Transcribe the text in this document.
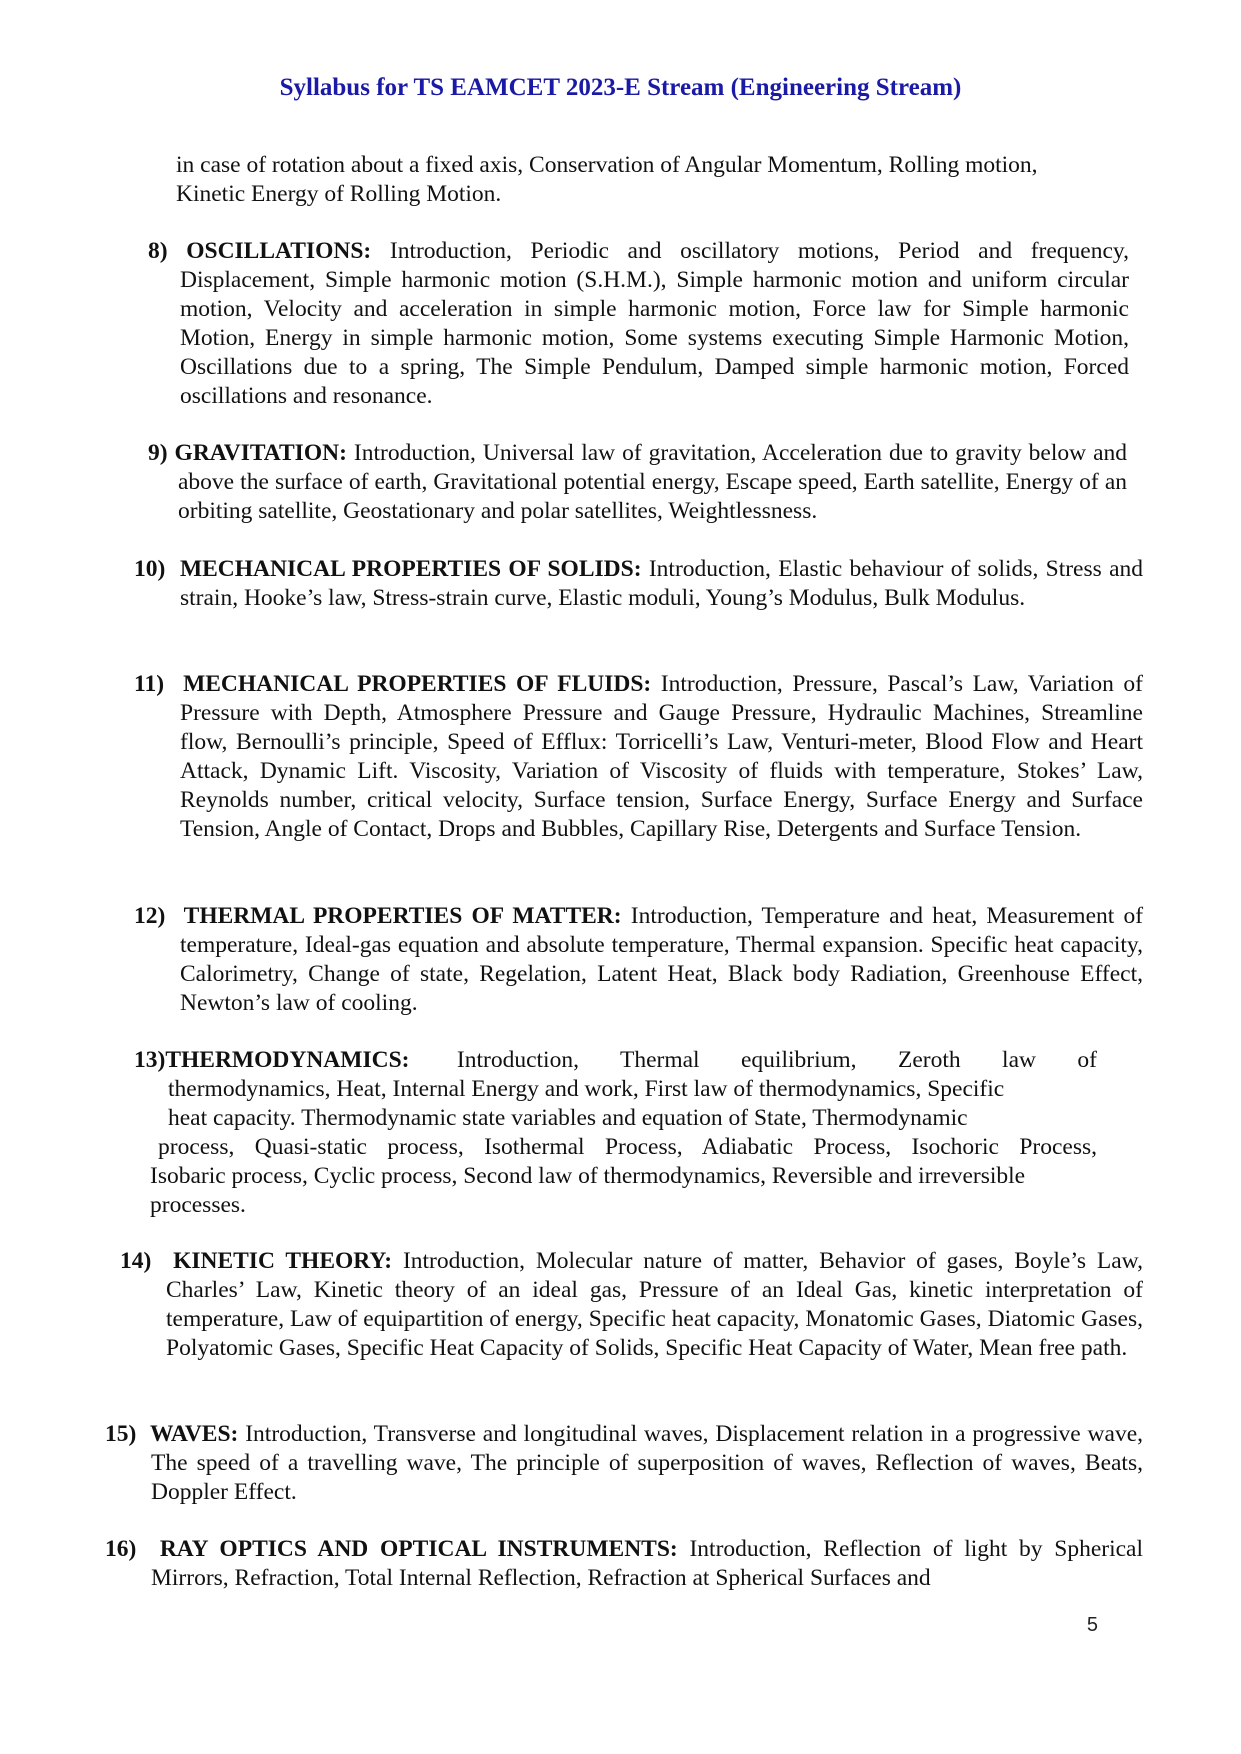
Syllabus for TS EAMCET 2023-E Stream (Engineering Stream)
in case of rotation about a fixed axis, Conservation of Angular Momentum, Rolling motion,
Kinetic Energy of Rolling Motion.
8) OSCILLATIONS: Introduction, Periodic and oscillatory motions, Period and frequency, Displacement, Simple harmonic motion (S.H.M.), Simple harmonic motion and uniform circular motion, Velocity and acceleration in simple harmonic motion, Force law for Simple harmonic Motion, Energy in simple harmonic motion, Some systems executing Simple Harmonic Motion, Oscillations due to a spring, The Simple Pendulum, Damped simple harmonic motion, Forced oscillations and resonance.
9) GRAVITATION: Introduction, Universal law of gravitation, Acceleration due to gravity below and above the surface of earth, Gravitational potential energy, Escape speed, Earth satellite, Energy of an orbiting satellite, Geostationary and polar satellites, Weightlessness.
10) MECHANICAL PROPERTIES OF SOLIDS: Introduction, Elastic behaviour of solids, Stress and strain, Hooke’s law, Stress-strain curve, Elastic moduli, Young’s Modulus, Bulk Modulus.
11) MECHANICAL PROPERTIES OF FLUIDS: Introduction, Pressure, Pascal’s Law, Variation of Pressure with Depth, Atmosphere Pressure and Gauge Pressure, Hydraulic Machines, Streamline flow, Bernoulli’s principle, Speed of Efflux: Torricelli’s Law, Venturi-meter, Blood Flow and Heart Attack, Dynamic Lift. Viscosity, Variation of Viscosity of fluids with temperature, Stokes’ Law, Reynolds number, critical velocity, Surface tension, Surface Energy, Surface Energy and Surface Tension, Angle of Contact, Drops and Bubbles, Capillary Rise, Detergents and Surface Tension.
12) THERMAL PROPERTIES OF MATTER: Introduction, Temperature and heat, Measurement of temperature, Ideal-gas equation and absolute temperature, Thermal expansion. Specific heat capacity, Calorimetry, Change of state, Regelation, Latent Heat, Black body Radiation, Greenhouse Effect, Newton’s law of cooling.
13)THERMODYNAMICS: Introduction, Thermal equilibrium, Zeroth law of
thermodynamics, Heat, Internal Energy and work, First law of thermodynamics, Specific
heat capacity. Thermodynamic state variables and equation of State, Thermodynamic
process, Quasi-static process, Isothermal Process, Adiabatic Process, Isochoric Process,
Isobaric process, Cyclic process, Second law of thermodynamics, Reversible and irreversible
processes.
14) KINETIC THEORY: Introduction, Molecular nature of matter, Behavior of gases, Boyle’s Law, Charles’ Law, Kinetic theory of an ideal gas, Pressure of an Ideal Gas, kinetic interpretation of temperature, Law of equipartition of energy, Specific heat capacity, Monatomic Gases, Diatomic Gases, Polyatomic Gases, Specific Heat Capacity of Solids, Specific Heat Capacity of Water, Mean free path.
15) WAVES: Introduction, Transverse and longitudinal waves, Displacement relation in a progressive wave, The speed of a travelling wave, The principle of superposition of waves, Reflection of waves, Beats, Doppler Effect.
16) RAY OPTICS AND OPTICAL INSTRUMENTS: Introduction, Reflection of light by Spherical Mirrors, Refraction, Total Internal Reflection, Refraction at Spherical Surfaces and
5
